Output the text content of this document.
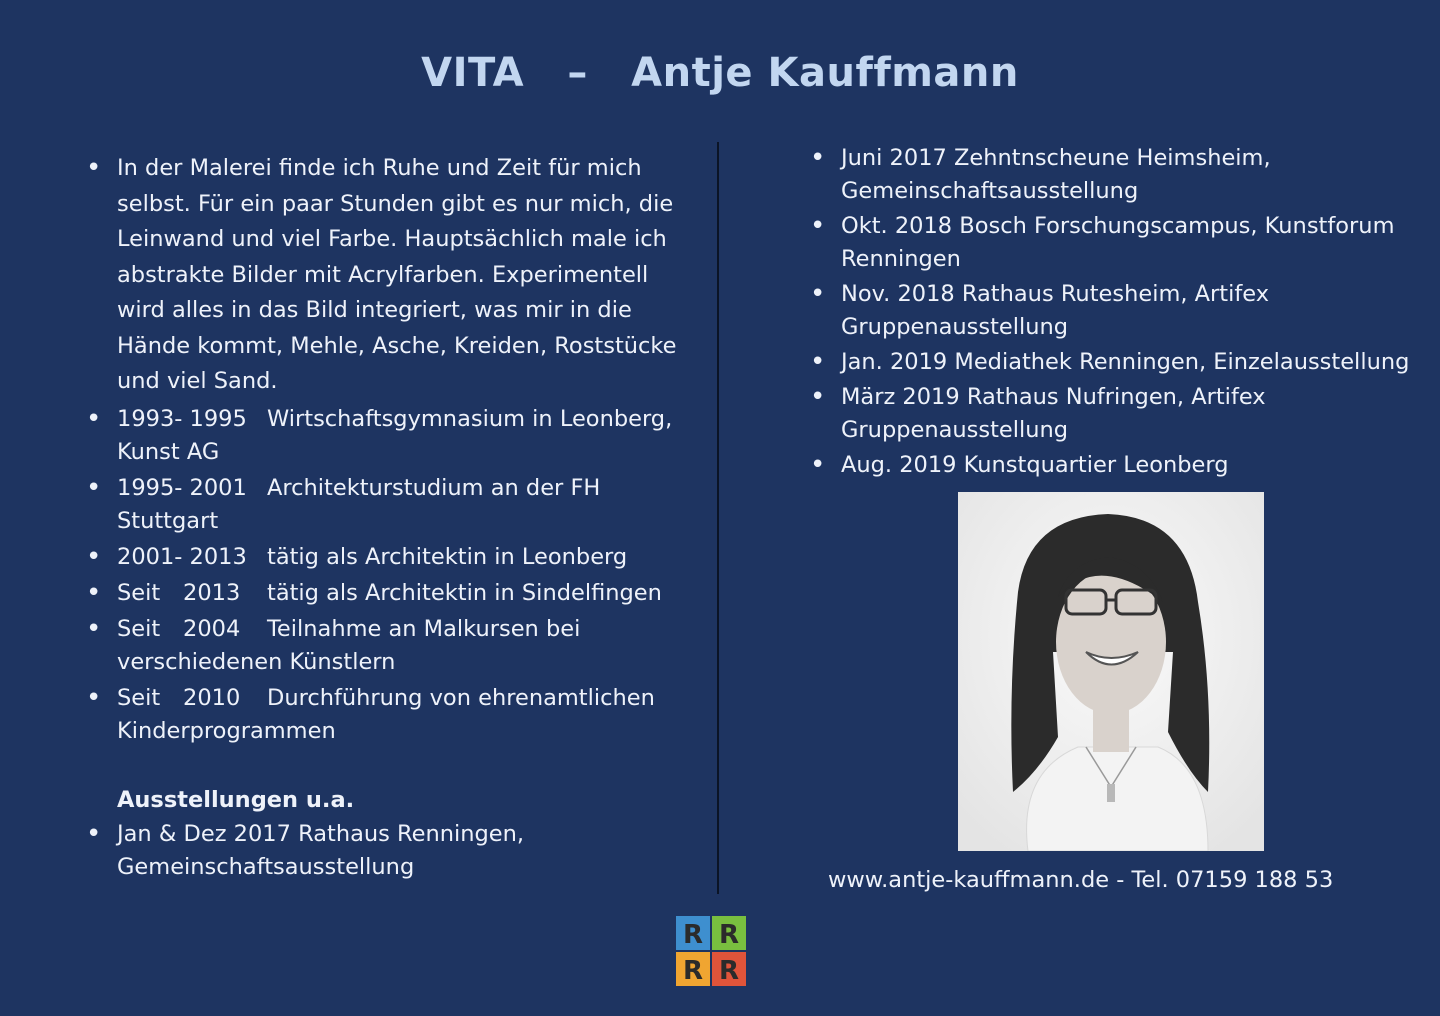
VITA   –   Antje Kauffmann
• In der Malerei finde ich Ruhe und Zeit für mich selbst. Für ein paar Stunden gibt es nur mich, die Leinwand und viel Farbe. Hauptsächlich male ich abstrakte Bilder mit Acrylfarben. Experimentell wird alles in das Bild integriert, was mir in die Hände kommt, Mehle, Asche, Kreiden, Roststücke und viel Sand.
• 1993- 1995 Wirtschaftsgymnasium in Leonberg, Kunst AG
• 1995- 2001 Architekturstudium an der FH Stuttgart
• 2001- 2013 tätig als Architektin in Leonberg
• Seit 2013 tätig als Architektin in Sindelfingen
• Seit 2004 Teilnahme an Malkursen bei verschiedenen Künstlern
• Seit 2010 Durchführung von ehrenamtlichen Kinderprogrammen
Ausstellungen u.a.
• Jan & Dez 2017 Rathaus Renningen, Gemeinschaftsausstellung
• Juni 2017 Zehntnscheune Heimsheim, Gemeinschaftsausstellung
• Okt. 2018 Bosch Forschungscampus, Kunstforum Renningen
• Nov. 2018 Rathaus Rutesheim, Artifex Gruppenausstellung
• Jan. 2019 Mediathek Renningen, Einzelausstellung
• März 2019 Rathaus Nufringen, Artifex Gruppenausstellung
• Aug. 2019 Kunstquartier Leonberg
www.antje-kauffmann.de - Tel. 07159 188 53
R R
R R
